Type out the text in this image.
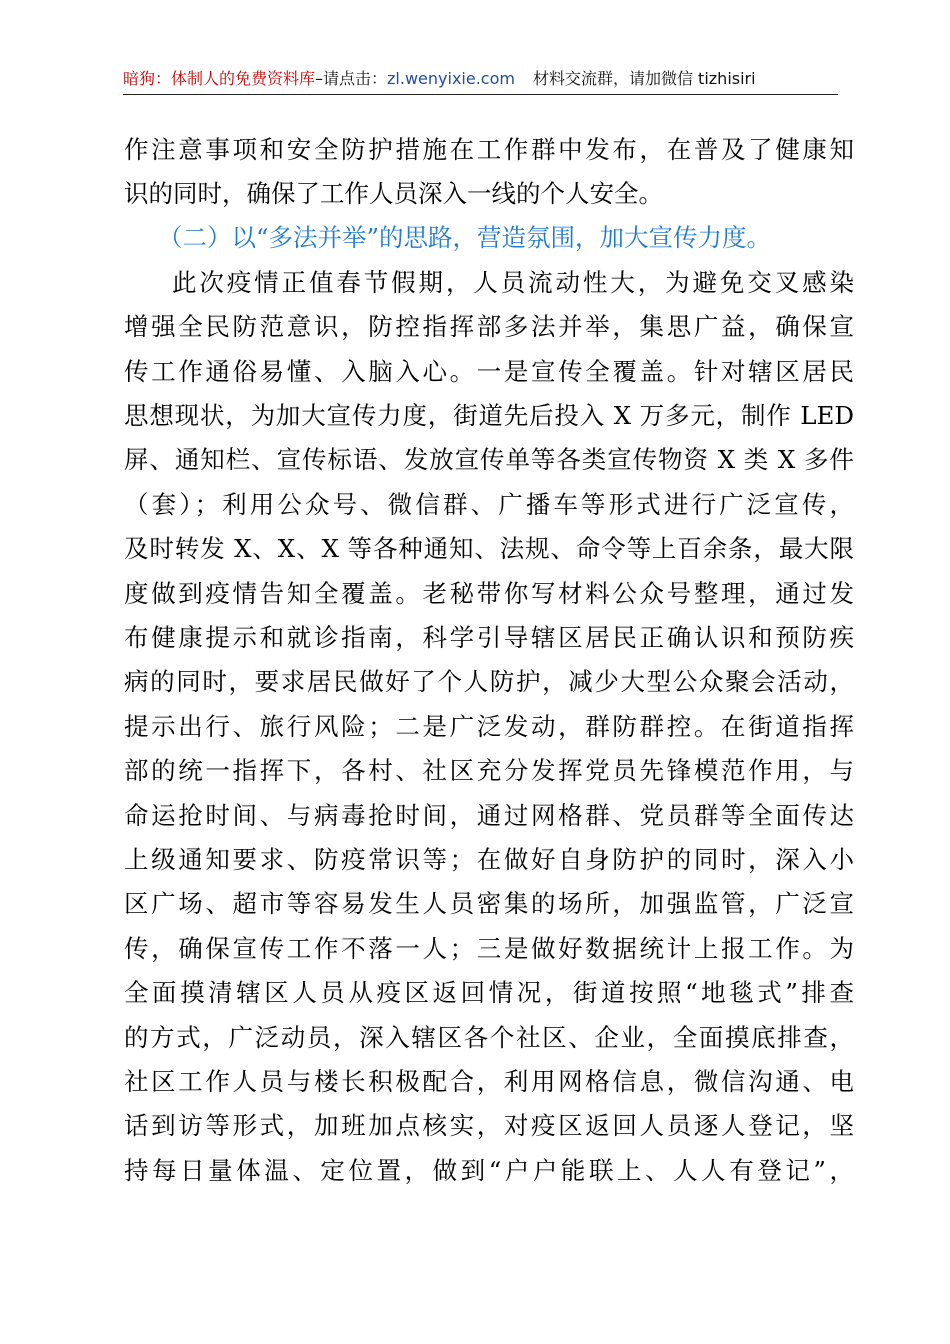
暗狗：体制人的免费资料库–请点击：zl.wenyixie.com 材料交流群，请加微信 tizhisiri
作注意事项和安全防护措施在工作群中发布，在普及了健康知
识的同时，确保了工作人员深入一线的个人安全。
（二）以“多法并举”的思路，营造氛围，加大宣传力度。
此次疫情正值春节假期，人员流动性大，为避免交叉感染
增强全民防范意识，防控指挥部多法并举，集思广益，确保宣
传工作通俗易懂、入脑入心。一是宣传全覆盖。针对辖区居民
思想现状，为加大宣传力度，街道先后投入 X 万多元，制作 LED
屏、通知栏、宣传标语、发放宣传单等各类宣传物资 X 类 X 多件
（套）；利用公众号、微信群、广播车等形式进行广泛宣传，
及时转发 X、X、X 等各种通知、法规、命令等上百余条，最大限
度做到疫情告知全覆盖。老秘带你写材料公众号整理，通过发
布健康提示和就诊指南，科学引导辖区居民正确认识和预防疾
病的同时，要求居民做好了个人防护，减少大型公众聚会活动，
提示出行、旅行风险；二是广泛发动，群防群控。在街道指挥
部的统一指挥下，各村、社区充分发挥党员先锋模范作用，与
命运抢时间、与病毒抢时间，通过网格群、党员群等全面传达
上级通知要求、防疫常识等；在做好自身防护的同时，深入小
区广场、超市等容易发生人员密集的场所，加强监管，广泛宣
传，确保宣传工作不落一人；三是做好数据统计上报工作。为
全面摸清辖区人员从疫区返回情况，街道按照“地毯式”排查
的方式，广泛动员，深入辖区各个社区、企业，全面摸底排查，
社区工作人员与楼长积极配合，利用网格信息，微信沟通、电
话到访等形式，加班加点核实，对疫区返回人员逐人登记，坚
持每日量体温、定位置，做到“户户能联上、人人有登记”，
